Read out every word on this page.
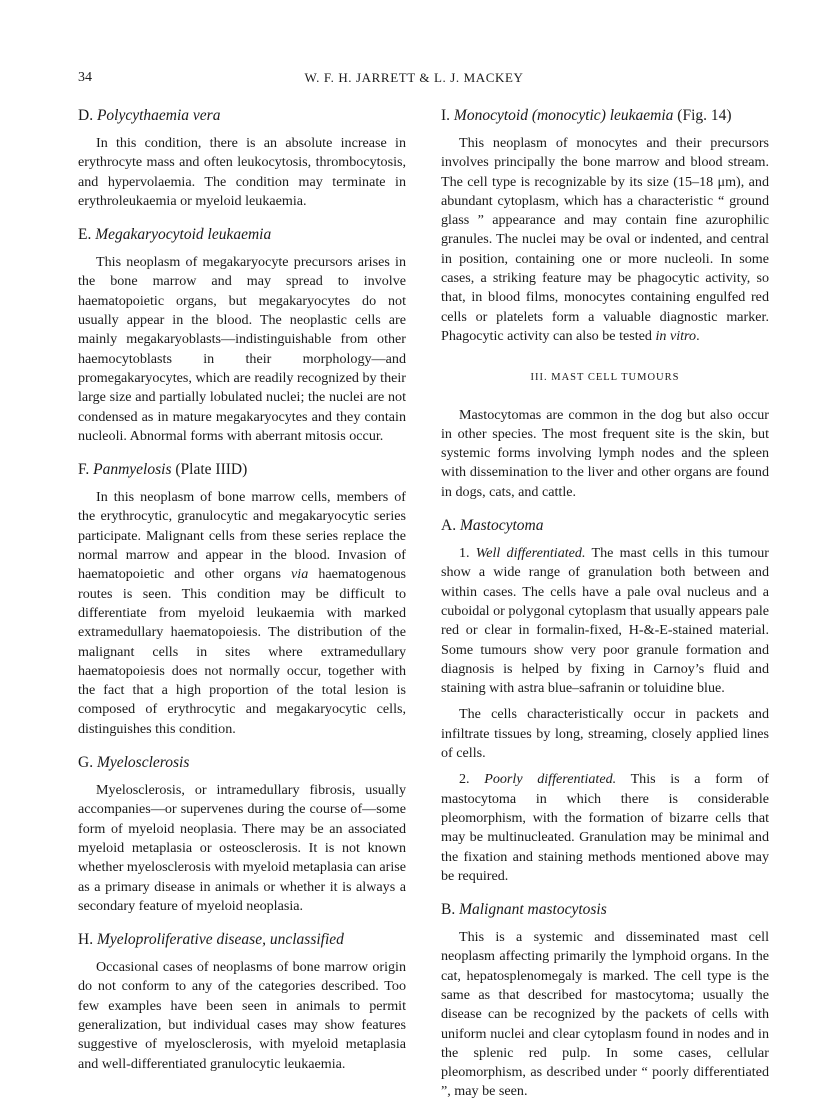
34	W. F. H. JARRETT & L. J. MACKEY
D. Polycythaemia vera

In this condition, there is an absolute increase in erythrocyte mass and often leukocytosis, thrombocytosis, and hypervolaemia. The condition may terminate in erythroleukaemia or myeloid leukaemia.

E. Megakaryocytoid leukaemia

This neoplasm of megakaryocyte precursors arises in the bone marrow and may spread to involve haematopoietic organs, but megakaryocytes do not usually appear in the blood. The neoplastic cells are mainly megakaryoblasts—indistinguishable from other haemocytoblasts in their morphology—and promegakaryocytes, which are readily recognized by their large size and partially lobulated nuclei; the nuclei are not condensed as in mature megakaryocytes and they contain nucleoli. Abnormal forms with aberrant mitosis occur.

F. Panmyelosis (Plate IIID)

In this neoplasm of bone marrow cells, members of the erythrocytic, granulocytic and megakaryocytic series participate. Malignant cells from these series replace the normal marrow and appear in the blood. Invasion of haematopoietic and other organs via haematogenous routes is seen. This condition may be difficult to differentiate from myeloid leukaemia with marked extramedullary haematopoiesis. The distribution of the malignant cells in sites where extramedullary haematopoiesis does not normally occur, together with the fact that a high proportion of the total lesion is composed of erythrocytic and megakaryocytic cells, distinguishes this condition.

G. Myelosclerosis

Myelosclerosis, or intramedullary fibrosis, usually accompanies—or supervenes during the course of—some form of myeloid neoplasia. There may be an associated myeloid metaplasia or osteosclerosis. It is not known whether myelosclerosis with myeloid metaplasia can arise as a primary disease in animals or whether it is always a secondary feature of myeloid neoplasia.

H. Myeloproliferative disease, unclassified

Occasional cases of neoplasms of bone marrow origin do not conform to any of the categories described. Too few examples have been seen in animals to permit generalization, but individual cases may show features suggestive of myelosclerosis, with myeloid metaplasia and well-differentiated granulocytic leukaemia.

I. Monocytoid (monocytic) leukaemia (Fig. 14)

This neoplasm of monocytes and their precursors involves principally the bone marrow and blood stream. The cell type is recognizable by its size (15–18 μm), and abundant cytoplasm, which has a characteristic “ ground glass ” appearance and may contain fine azurophilic granules. The nuclei may be oval or indented, and central in position, containing one or more nucleoli. In some cases, a striking feature may be phagocytic activity, so that, in blood films, monocytes containing engulfed red cells or platelets form a valuable diagnostic marker. Phagocytic activity can also be tested in vitro.

III. MAST CELL TUMOURS

Mastocytomas are common in the dog but also occur in other species. The most frequent site is the skin, but systemic forms involving lymph nodes and the spleen with dissemination to the liver and other organs are found in dogs, cats, and cattle.

A. Mastocytoma

1. Well differentiated. The mast cells in this tumour show a wide range of granulation both between and within cases. The cells have a pale oval nucleus and a cuboidal or polygonal cytoplasm that usually appears pale red or clear in formalin-fixed, H-&-E-stained material. Some tumours show very poor granule formation and diagnosis is helped by fixing in Carnoy’s fluid and staining with astra blue–safranin or toluidine blue.

The cells characteristically occur in packets and infiltrate tissues by long, streaming, closely applied lines of cells.

2. Poorly differentiated. This is a form of mastocytoma in which there is considerable pleomorphism, with the formation of bizarre cells that may be multinucleated. Granulation may be minimal and the fixation and staining methods mentioned above may be required.

B. Malignant mastocytosis

This is a systemic and disseminated mast cell neoplasm affecting primarily the lymphoid organs. In the cat, hepatosplenomegaly is marked. The cell type is the same as that described for mastocytoma; usually the disease can be recognized by the packets of cells with uniform nuclei and clear cytoplasm found in nodes and in the splenic red pulp. In some cases, cellular pleomorphism, as described under “ poorly differentiated ”, may be seen.
